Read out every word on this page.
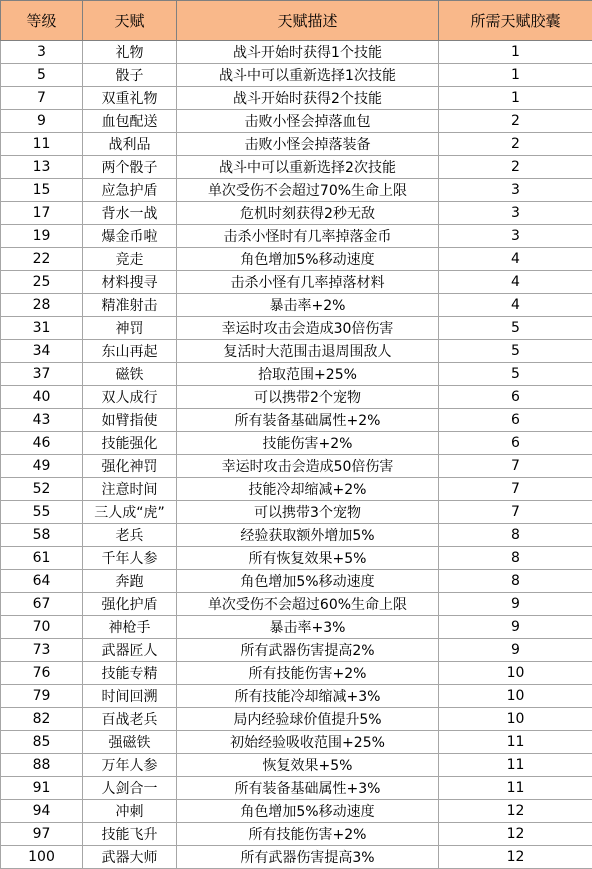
等级	天赋	天赋描述	所需天赋胶囊
3	礼物	战斗开始时获得1个技能	1
5	骰子	战斗中可以重新选择1次技能	1
7	双重礼物	战斗开始时获得2个技能	1
9	血包配送	击败小怪会掉落血包	2
11	战利品	击败小怪会掉落装备	2
13	两个骰子	战斗中可以重新选择2次技能	2
15	应急护盾	单次受伤不会超过70%生命上限	3
17	背水一战	危机时刻获得2秒无敌	3
19	爆金币啦	击杀小怪时有几率掉落金币	3
22	竞走	角色增加5%移动速度	4
25	材料搜寻	击杀小怪有几率掉落材料	4
28	精准射击	暴击率+2%	4
31	神罚	幸运时攻击会造成30倍伤害	5
34	东山再起	复活时大范围击退周围敌人	5
37	磁铁	拾取范围+25%	5
40	双人成行	可以携带2个宠物	6
43	如臂指使	所有装备基础属性+2%	6
46	技能强化	技能伤害+2%	6
49	强化神罚	幸运时攻击会造成50倍伤害	7
52	注意时间	技能冷却缩减+2%	7
55	三人成“虎”	可以携带3个宠物	7
58	老兵	经验获取额外增加5%	8
61	千年人参	所有恢复效果+5%	8
64	奔跑	角色增加5%移动速度	8
67	强化护盾	单次受伤不会超过60%生命上限	9
70	神枪手	暴击率+3%	9
73	武器匠人	所有武器伤害提高2%	9
76	技能专精	所有技能伤害+2%	10
79	时间回溯	所有技能冷却缩减+3%	10
82	百战老兵	局内经验球价值提升5%	10
85	强磁铁	初始经验吸收范围+25%	11
88	万年人参	恢复效果+5%	11
91	人剑合一	所有装备基础属性+3%	11
94	冲刺	角色增加5%移动速度	12
97	技能飞升	所有技能伤害+2%	12
100	武器大师	所有武器伤害提高3%	12
